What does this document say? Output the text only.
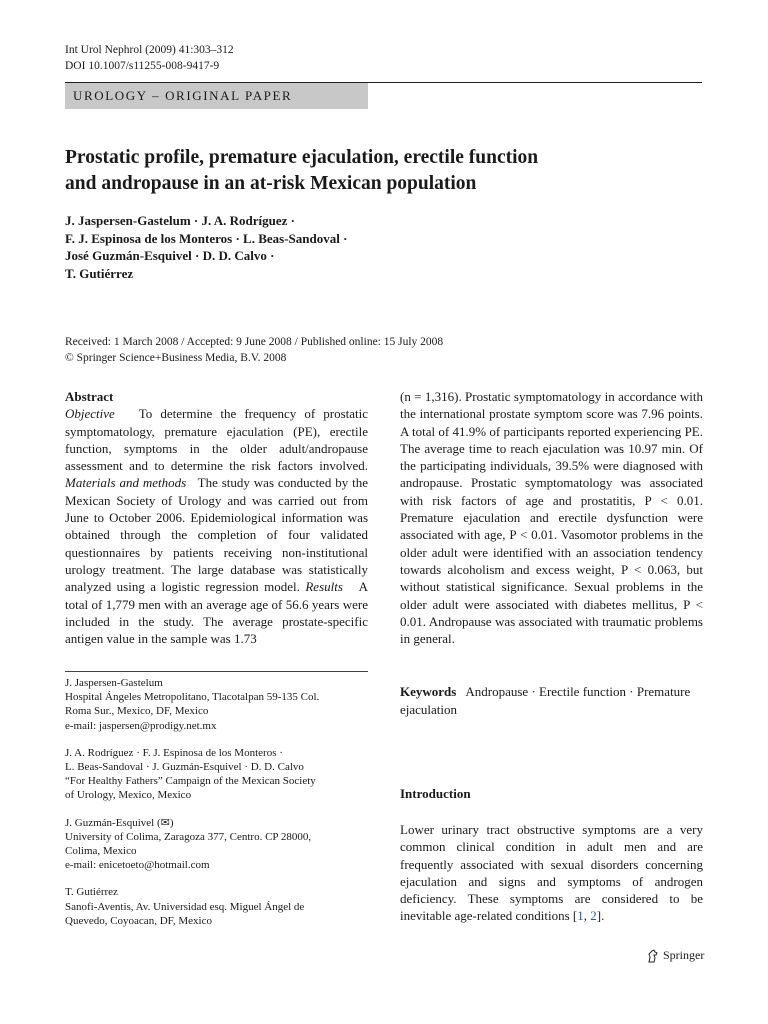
Int Urol Nephrol (2009) 41:303–312
DOI 10.1007/s11255-008-9417-9
UROLOGY – ORIGINAL PAPER
Prostatic profile, premature ejaculation, erectile function
and andropause in an at-risk Mexican population
J. Jaspersen-Gastelum · J. A. Rodríguez ·
F. J. Espinosa de los Monteros · L. Beas-Sandoval ·
José Guzmán-Esquivel · D. D. Calvo ·
T. Gutiérrez
Received: 1 March 2008 / Accepted: 9 June 2008 / Published online: 15 July 2008
© Springer Science+Business Media, B.V. 2008

Abstract

Objective To determine the frequency of prostatic symptomatology, premature ejaculation (PE), erectile function, symptoms in the older adult/andropause assessment and to determine the risk factors involved. Materials and methods The study was conducted by the Mexican Society of Urology and was carried out from June to October 2006. Epidemiological information was obtained through the completion of four validated questionnaires by patients receiving non-institutional urology treatment. The large database was statistically analyzed using a logistic regression model. Results A total of 1,779 men with an average age of 56.6 years were included in the study. The average prostate-specific antigen value in the sample was 1.73

(n = 1,316). Prostatic symptomatology in accordance with the international prostate symptom score was 7.96 points. A total of 41.9% of participants reported experiencing PE. The average time to reach ejaculation was 10.97 min. Of the participating individuals, 39.5% were diagnosed with andropause. Prostatic symptomatology was associated with risk factors of age and prostatitis, P < 0.01. Premature ejaculation and erectile dysfunction were associated with age, P < 0.01. Vasomotor problems in the older adult were identified with an association tendency towards alcoholism and excess weight, P < 0.063, but without statistical significance. Sexual problems in the older adult were associated with diabetes mellitus, P < 0.01. Andropause was associated with traumatic problems in general.

J. Jaspersen-Gastelum
Hospital Ángeles Metropolitano, Tlacotalpan 59-135 Col.
Roma Sur., Mexico, DF, Mexico
e-mail: jaspersen@prodigy.net.mx
J. A. Rodríguez · F. J. Espinosa de los Monteros ·
L. Beas-Sandoval · J. Guzmán-Esquivel · D. D. Calvo
“For Healthy Fathers” Campaign of the Mexican Society
of Urology, Mexico, Mexico
J. Guzmán-Esquivel (✉)
University of Colima, Zaragoza 377, Centro. CP 28000,
Colima, Mexico
e-mail: enicetoeto@hotmail.com
T. Gutiérrez
Sanofi-Aventis, Av. Universidad esq. Miguel Ángel de
Quevedo, Coyoacan, DF, Mexico
Keywords Andropause · Erectile function · Premature ejaculation
Introduction
Lower urinary tract obstructive symptoms are a very common clinical condition in adult men and are frequently associated with sexual disorders concerning ejaculation and signs and symptoms of androgen deficiency. These symptoms are considered to be inevitable age-related conditions [1, 2].
Springer
